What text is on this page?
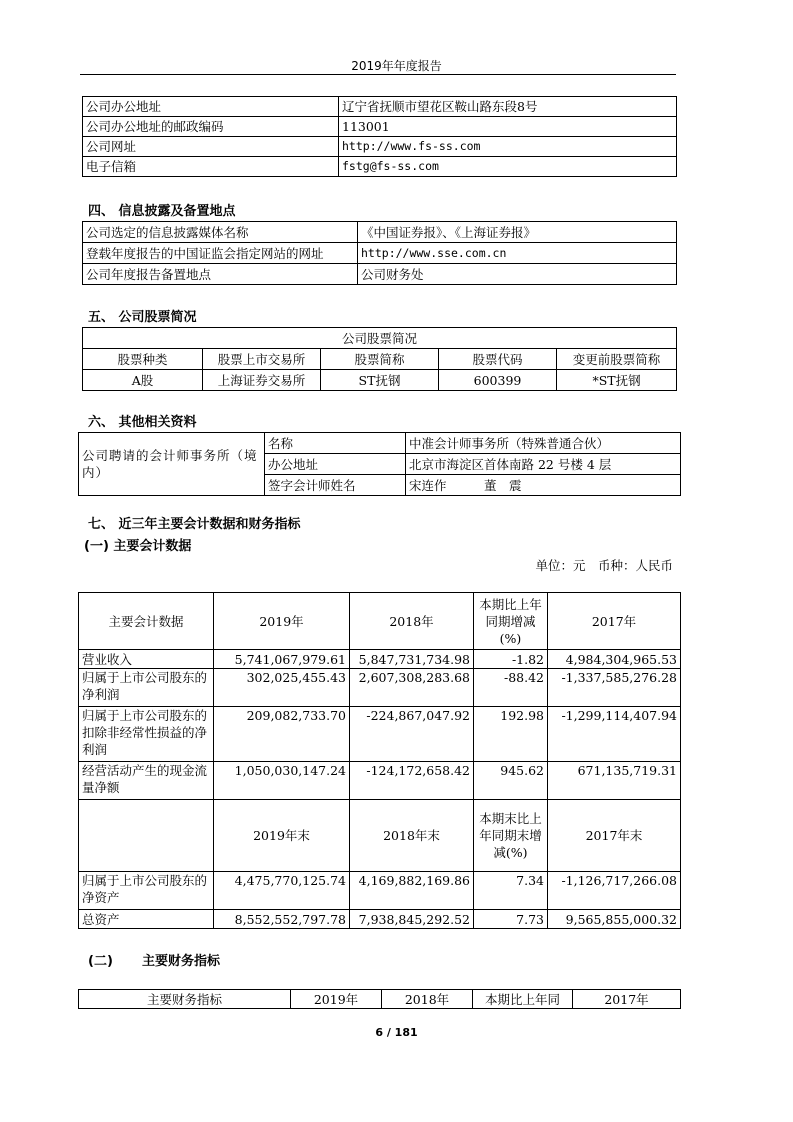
2019年年度报告
公司办公地址	辽宁省抚顺市望花区鞍山路东段8号
公司办公地址的邮政编码	113001
公司网址	http://www.fs-ss.com
电子信箱	fstg@fs-ss.com
四、 信息披露及备置地点
公司选定的信息披露媒体名称	《中国证券报》、《上海证券报》
登载年度报告的中国证监会指定网站的网址	http://www.sse.com.cn
公司年度报告备置地点	公司财务处
五、 公司股票简况
公司股票简况				
股票种类	股票上市交易所	股票简称	股票代码	变更前股票简称
A股	上海证券交易所	ST抚钢	600399	*ST抚钢
六、 其他相关资料
公司聘请的会计师事务所（境内）	名称	中准会计师事务所（特殊普通合伙）
	办公地址	北京市海淀区首体南路 22 号楼 4 层
	签字会计师姓名	宋连作　　　董　震
七、 近三年主要会计数据和财务指标
(一) 主要会计数据
单位：元　币种：人民币
主要会计数据	2019年	2018年	本期比上年同期增减(%)	2017年
营业收入	5,741,067,979.61	5,847,731,734.98	-1.82	4,984,304,965.53
归属于上市公司股东的净利润	302,025,455.43	2,607,308,283.68	-88.42	-1,337,585,276.28
归属于上市公司股东的扣除非经常性损益的净利润	209,082,733.70	-224,867,047.92	192.98	-1,299,114,407.94
经营活动产生的现金流量净额	1,050,030,147.24	-124,172,658.42	945.62	671,135,719.31
	2019年末	2018年末	本期末比上年同期末增减(%)	2017年末
归属于上市公司股东的净资产	4,475,770,125.74	4,169,882,169.86	7.34	-1,126,717,266.08
总资产	8,552,552,797.78	7,938,845,292.52	7.73	9,565,855,000.32
(二) 主要财务指标
主要财务指标	2019年	2018年	本期比上年同	2017年
6 / 181
